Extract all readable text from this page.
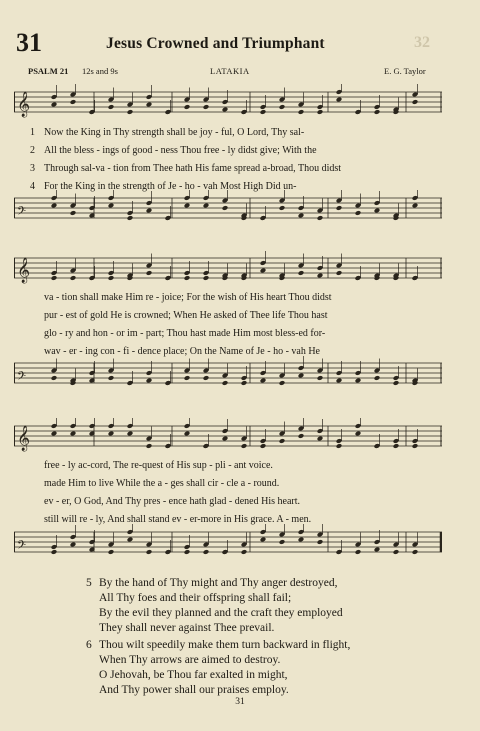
31	Jesus Crowned and Triumphant	32
PSALM 21 12s and 9s	LATAKIA	E. G. Taylor
𝄞
1 Now the King in Thy strength shall be joy - ful, O Lord, Thy sal-
2 All the bless - ings of good - ness Thou free - ly didst give; With the
3 Through sal-va - tion from Thee hath His fame spread a-broad, Thou didst
4 For the King in the strength of Je - ho - vah Most High Did un-
𝄢
𝄞
va - tion shall make Him re - joice; For the wish of His heart Thou didst
pur - est of gold He is crowned; When He asked of Thee life Thou hast
glo - ry and hon - or im - part; Thou hast made Him most bless-ed for-
wav - er - ing con - fi - dence place; On the Name of Je - ho - vah He
𝄢
𝄞
free - ly ac-cord, The re-quest of His sup - pli - ant voice.
made Him to live While the a - ges shall cir - cle a - round.
ev - er, O God, And Thy pres - ence hath glad - dened His heart.
still will re - ly, And shall stand ev - er-more in His grace. A - men.
𝄢
5 By the hand of Thy might and Thy anger destroyed,
All Thy foes and their offspring shall fail;
By the evil they planned and the craft they employed
They shall never against Thee prevail.
6 Thou wilt speedily make them turn backward in flight,
When Thy arrows are aimed to destroy.
O Jehovah, be Thou far exalted in might,
And Thy power shall our praises employ.
31
